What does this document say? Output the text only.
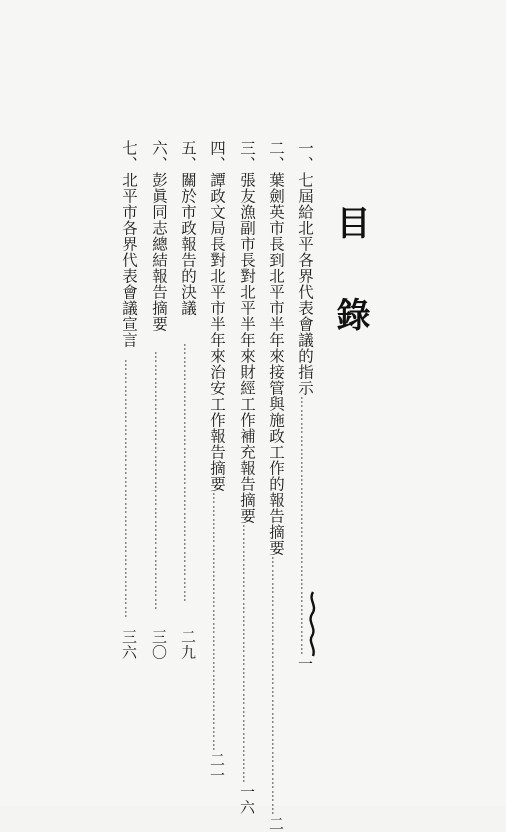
目錄
一、七屆給北平各界代表會議的指示
……………………………………………………
一
二、葉劍英市長到北平市半年來接管與施政工作的報告摘要
……………………………………………………
二
三、張友漁副市長對北平半年來財經工作補充報告摘要
……………………………………………………
一六
四、譚政文局長對北平市半年來治安工作報告摘要
……………………………………………………
二一
五、關於市政報告的決議
……………………………………………………
二九
六、彭眞同志總結報告摘要
……………………………………………………
三〇
七、北平市各界代表會議宣言
……………………………………………………
三六
